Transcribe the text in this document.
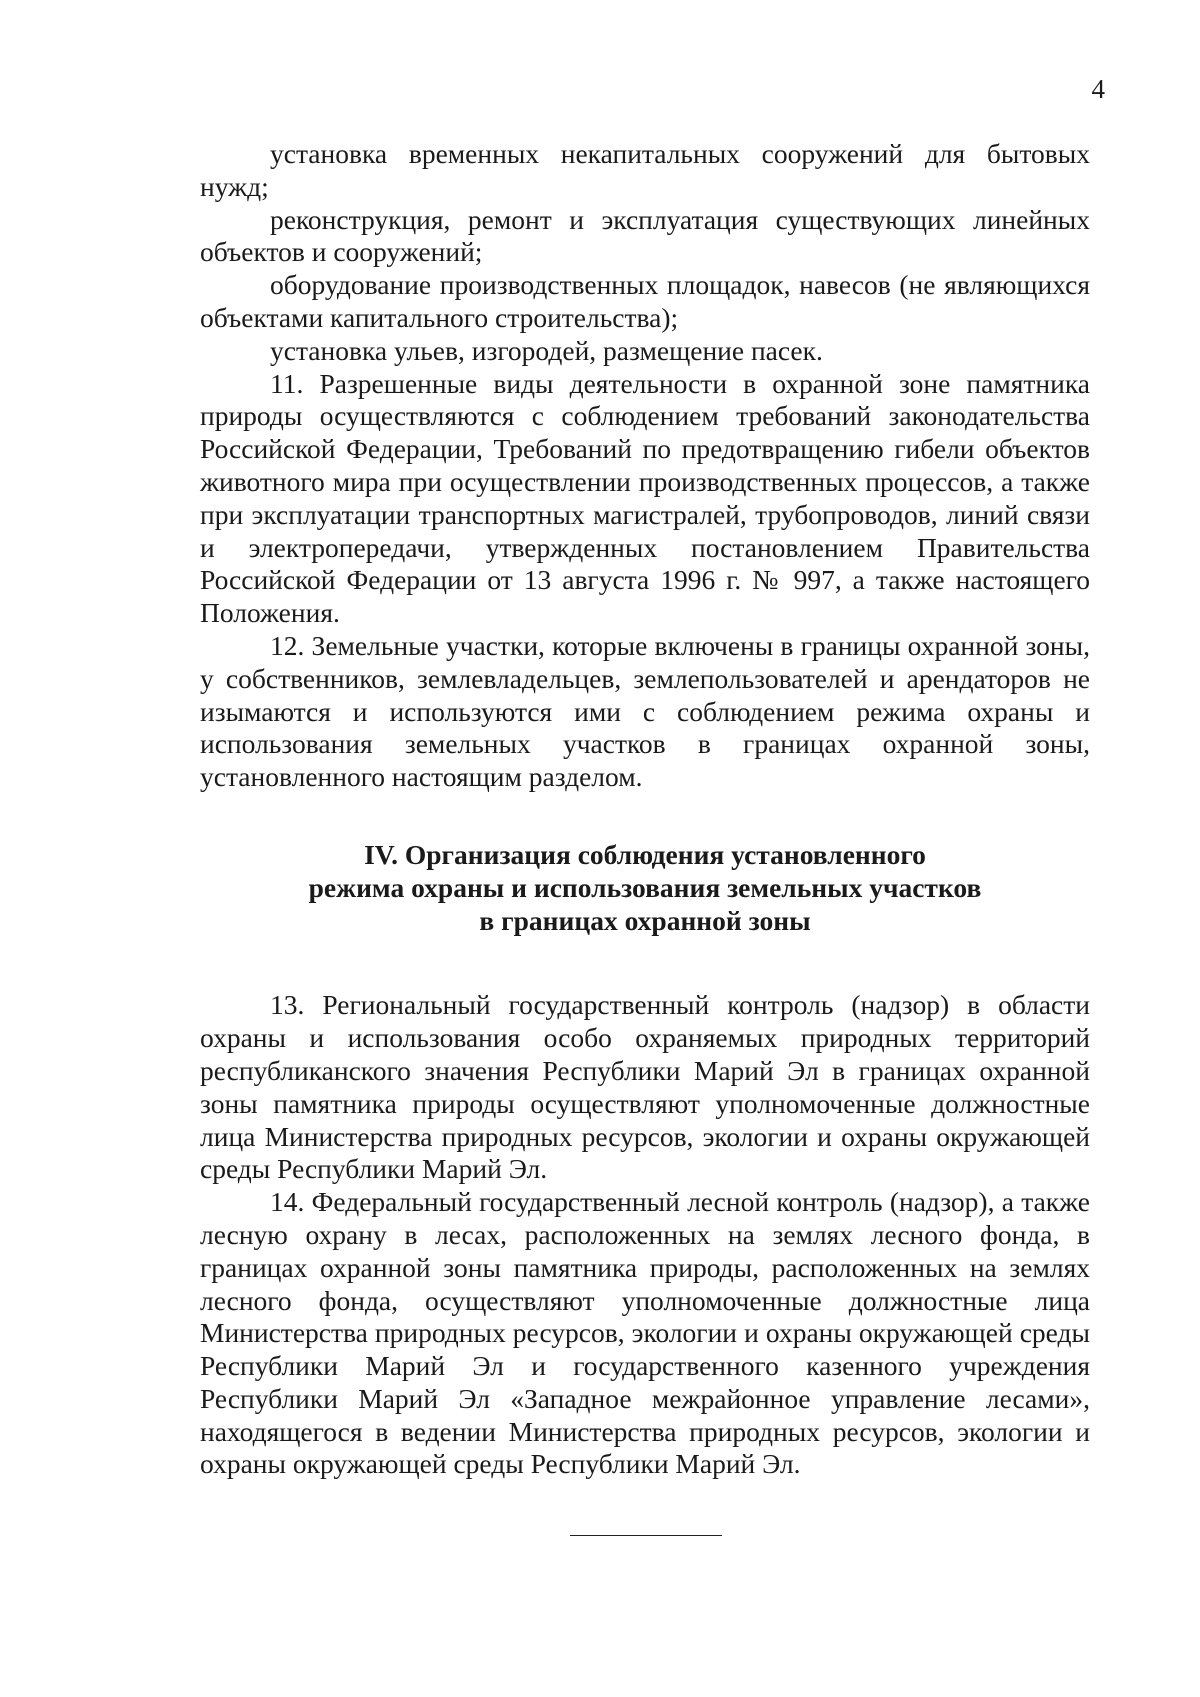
4

установка временных некапитальных сооружений для бытовых нужд;

реконструкция, ремонт и эксплуатация существующих линейных объектов и сооружений;

оборудование производственных площадок, навесов (не являющихся объектами капитального строительства);

установка ульев, изгородей, размещение пасек.

11. Разрешенные виды деятельности в охранной зоне памятника природы осуществляются с соблюдением требований законодательства Российской Федерации, Требований по предотвращению гибели объектов животного мира при осуществлении производственных процессов, а также при эксплуатации транспортных магистралей, трубопроводов, линий связи и электропередачи, утвержденных постановлением Правительства Российской Федерации от 13 августа 1996 г. № 997, а также настоящего Положения.

12. Земельные участки, которые включены в границы охранной зоны, у собственников, землевладельцев, землепользователей и арендаторов не изымаются и используются ими с соблюдением режима охраны и использования земельных участков в границах охранной зоны, установленного настоящим разделом.

IV. Организация соблюдения установленного
режима охраны и использования земельных участков
в границах охранной зоны

13. Региональный государственный контроль (надзор) в области охраны и использования особо охраняемых природных территорий республиканского значения Республики Марий Эл в границах охранной зоны памятника природы осуществляют уполномоченные должностные лица Министерства природных ресурсов, экологии и охраны окружающей среды Республики Марий Эл.

14. Федеральный государственный лесной контроль (надзор), а также лесную охрану в лесах, расположенных на землях лесного фонда, в границах охранной зоны памятника природы, расположенных на землях лесного фонда, осуществляют уполномоченные должностные лица Министерства природных ресурсов, экологии и охраны окружающей среды Республики Марий Эл и государственного казенного учреждения Республики Марий Эл «Западное межрайонное управление лесами», находящегося в ведении Министерства природных ресурсов, экологии и охраны окружающей среды Республики Марий Эл.
